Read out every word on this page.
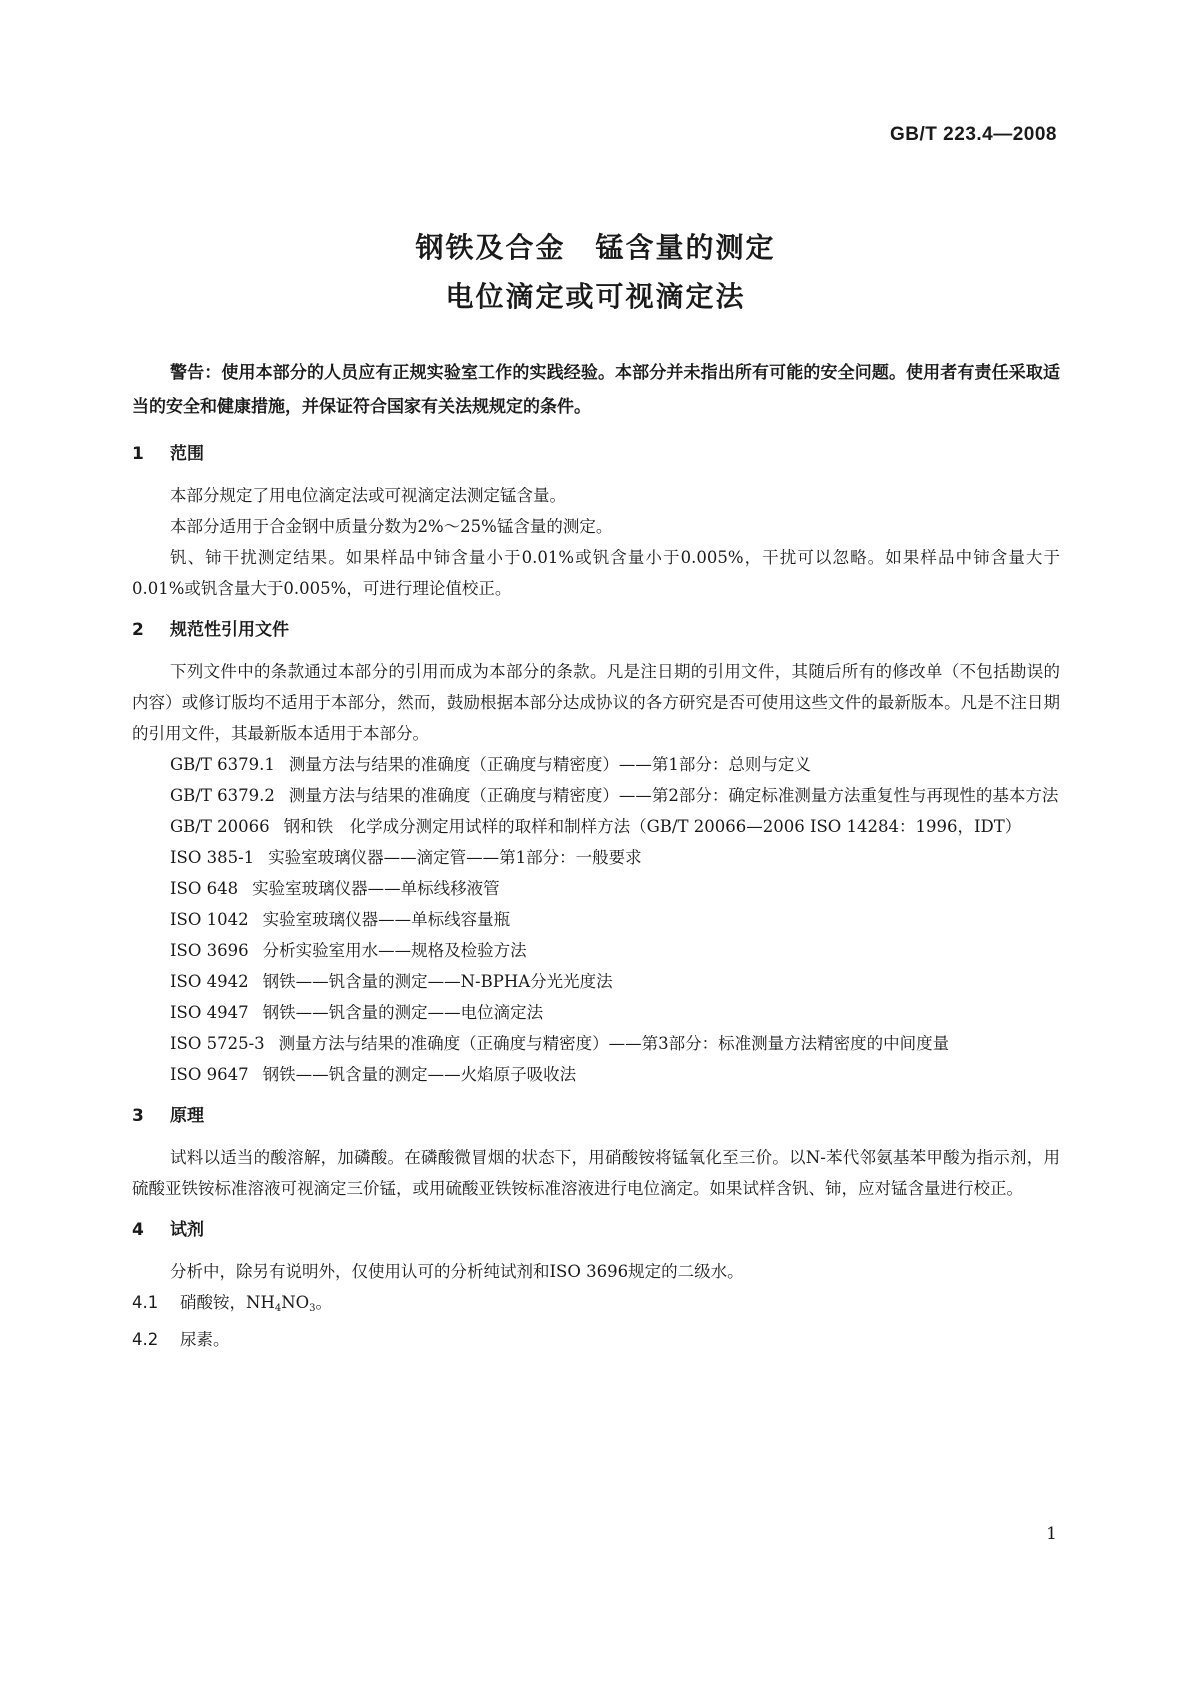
GB/T 223.4—2008
钢铁及合金　锰含量的测定
电位滴定或可视滴定法

警告：使用本部分的人员应有正规实验室工作的实践经验。本部分并未指出所有可能的安全问题。使用者有责任采取适当的安全和健康措施，并保证符合国家有关法规规定的条件。

1 范围

本部分规定了用电位滴定法或可视滴定法测定锰含量。

本部分适用于合金钢中质量分数为2%～25%锰含量的测定。

钒、铈干扰测定结果。如果样品中铈含量小于0.01%或钒含量小于0.005%，干扰可以忽略。如果样品中铈含量大于0.01%或钒含量大于0.005%，可进行理论值校正。

2 规范性引用文件

下列文件中的条款通过本部分的引用而成为本部分的条款。凡是注日期的引用文件，其随后所有的修改单（不包括勘误的内容）或修订版均不适用于本部分，然而，鼓励根据本部分达成协议的各方研究是否可使用这些文件的最新版本。凡是不注日期的引用文件，其最新版本适用于本部分。

GB/T 6379.1 测量方法与结果的准确度（正确度与精密度）——第1部分：总则与定义

GB/T 6379.2 测量方法与结果的准确度（正确度与精密度）——第2部分：确定标准测量方法重复性与再现性的基本方法

GB/T 20066 钢和铁　化学成分测定用试样的取样和制样方法（GB/T 20066—2006 ISO 14284：1996，IDT）

ISO 385-1 实验室玻璃仪器——滴定管——第1部分：一般要求

ISO 648 实验室玻璃仪器——单标线移液管

ISO 1042 实验室玻璃仪器——单标线容量瓶

ISO 3696 分析实验室用水——规格及检验方法

ISO 4942 钢铁——钒含量的测定——N-BPHA分光光度法

ISO 4947 钢铁——钒含量的测定——电位滴定法

ISO 5725-3 测量方法与结果的准确度（正确度与精密度）——第3部分：标准测量方法精密度的中间度量

ISO 9647 钢铁——钒含量的测定——火焰原子吸收法

3 原理

试料以适当的酸溶解，加磷酸。在磷酸微冒烟的状态下，用硝酸铵将锰氧化至三价。以N-苯代邻氨基苯甲酸为指示剂，用硫酸亚铁铵标准溶液可视滴定三价锰，或用硫酸亚铁铵标准溶液进行电位滴定。如果试样含钒、铈，应对锰含量进行校正。

4 试剂

分析中，除另有说明外，仅使用认可的分析纯试剂和ISO 3696规定的二级水。

4.1 硝酸铵，$NH_4NO_3$。

4.2 尿素。

1
